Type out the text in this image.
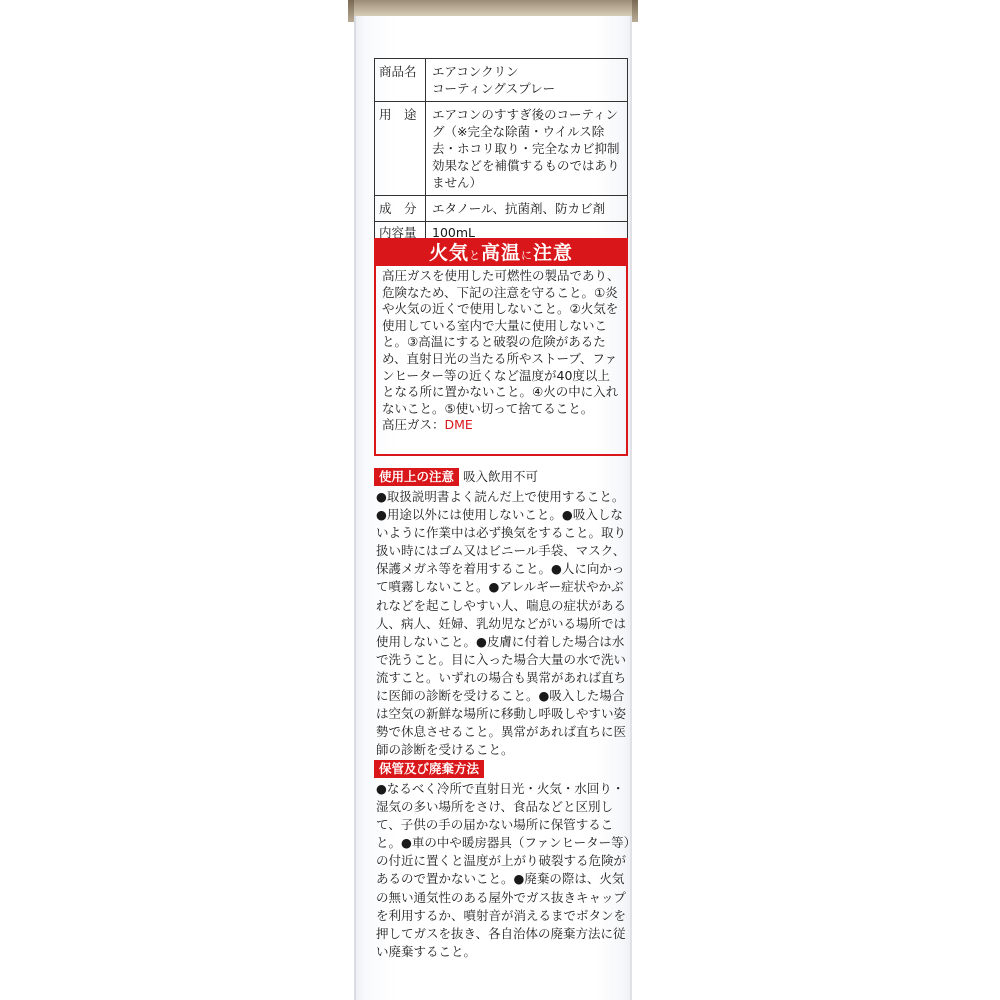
商品名	エアコンクリン
コーティングスプレー
用　途	エアコンのすすぎ後のコーティング（※完全な除菌・ウイルス除去・ホコリ取り・完全なカビ抑制効果などを補償するものではありません）
成　分	エタノール、抗菌剤、防カビ剤
内容量	100mL
火気と高温に注意

高圧ガスを使用した可燃性の製品であり、危険なため、下記の注意を守ること。①炎や火気の近くで使用しないこと。②火気を使用している室内で大量に使用しないこと。③高温にすると破裂の危険があるため、直射日光の当たる所やストーブ、ファンヒーター等の近くなど温度が40度以上となる所に置かないこと。④火の中に入れないこと。⑤使い切って捨てること。

高圧ガス：DME

使用上の注意 吸入飲用不可

●取扱説明書よく読んだ上で使用すること。●用途以外には使用しないこと。●吸入しないように作業中は必ず換気をすること。取り扱い時にはゴム又はビニール手袋、マスク、保護メガネ等を着用すること。●人に向かって噴霧しないこと。●アレルギー症状やかぶれなどを起こしやすい人、喘息の症状がある人、病人、妊婦、乳幼児などがいる場所では使用しないこと。●皮膚に付着した場合は水で洗うこと。目に入った場合大量の水で洗い流すこと。いずれの場合も異常があれば直ちに医師の診断を受けること。●吸入した場合は空気の新鮮な場所に移動し呼吸しやすい姿勢で休息させること。異常があれば直ちに医師の診断を受けること。

保管及び廃棄方法

●なるべく冷所で直射日光・火気・水回り・湿気の多い場所をさけ、食品などと区別して、子供の手の届かない場所に保管すること。●車の中や暖房器具（ファンヒーター等）の付近に置くと温度が上がり破裂する危険があるので置かないこと。●廃棄の際は、火気の無い通気性のある屋外でガス抜きキャップを利用するか、噴射音が消えるまでボタンを押してガスを抜き、各自治体の廃棄方法に従い廃棄すること。
